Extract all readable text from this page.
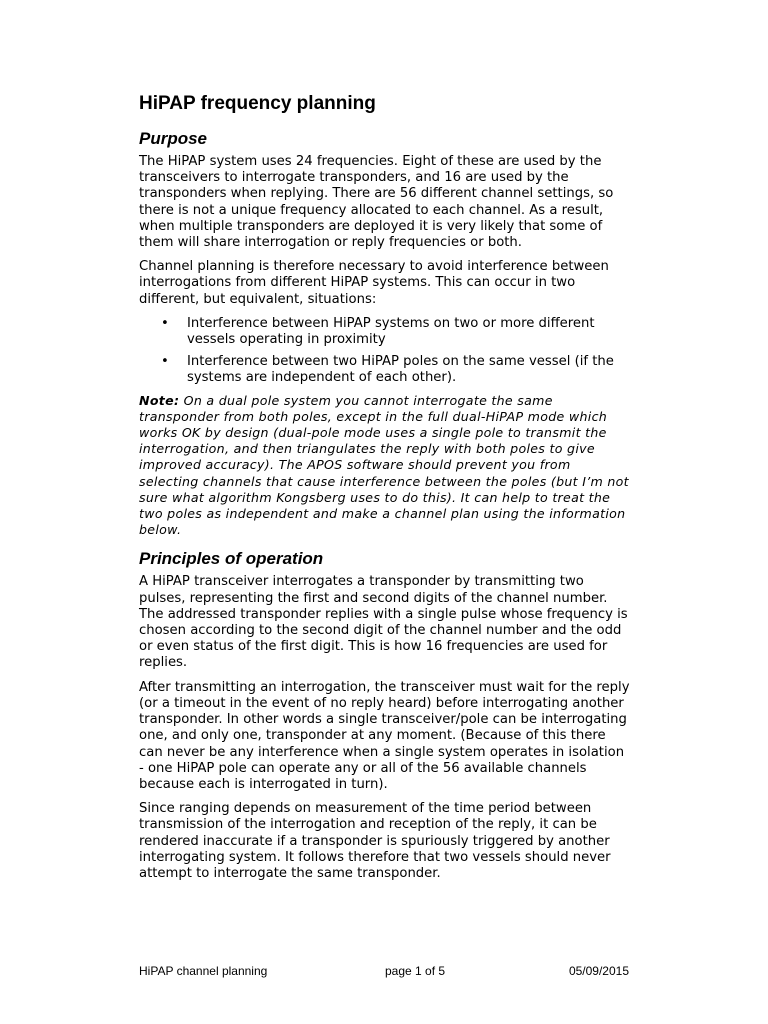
HiPAP frequency planning
Purpose

The HiPAP system uses 24 frequencies. Eight of these are used by the transceivers to interrogate transponders, and 16 are used by the transponders when replying. There are 56 different channel settings, so there is not a unique frequency allocated to each channel. As a result, when multiple transponders are deployed it is very likely that some of them will share interrogation or reply frequencies or both.

Channel planning is therefore necessary to avoid interference between interrogations from different HiPAP systems. This can occur in two different, but equivalent, situations:

• Interference between HiPAP systems on two or more different vessels operating in proximity
• Interference between two HiPAP poles on the same vessel (if the systems are independent of each other).

Note: On a dual pole system you cannot interrogate the same transponder from both poles, except in the full dual-HiPAP mode which works OK by design (dual-pole mode uses a single pole to transmit the interrogation, and then triangulates the reply with both poles to give improved accuracy). The APOS software should prevent you from selecting channels that cause interference between the poles (but I’m not sure what algorithm Kongsberg uses to do this). It can help to treat the two poles as independent and make a channel plan using the information below.

Principles of operation

A HiPAP transceiver interrogates a transponder by transmitting two pulses, representing the first and second digits of the channel number. The addressed transponder replies with a single pulse whose frequency is chosen according to the second digit of the channel number and the odd or even status of the first digit. This is how 16 frequencies are used for replies.

After transmitting an interrogation, the transceiver must wait for the reply (or a timeout in the event of no reply heard) before interrogating another transponder. In other words a single transceiver/pole can be interrogating one, and only one, transponder at any moment. (Because of this there can never be any interference when a single system operates in isolation - one HiPAP pole can operate any or all of the 56 available channels because each is interrogated in turn).

Since ranging depends on measurement of the time period between transmission of the interrogation and reception of the reply, it can be rendered inaccurate if a transponder is spuriously triggered by another interrogating system. It follows therefore that two vessels should never attempt to interrogate the same transponder.

HiPAP channel planning	page 1 of 5	05/09/2015
